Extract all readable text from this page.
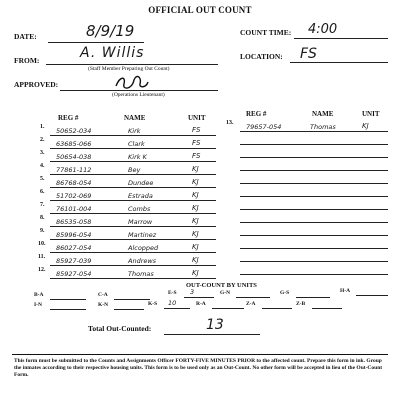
OFFICIAL OUT COUNT
DATE:	8/9/19	COUNT TIME: 4:00
FROM:	A. Willis
(Staff Member Preparing Out Count)
LOCATION: FS
APPROVED:
(Operations Lieutenant)
REG #	NAME	UNIT	REG #	NAME	UNIT
1. 50652-034	Kirk	FS
2. 63685-066	Clark	FS
3. 50654-038	Kirk K	FS
4. 77861-112	Bey	KJ
5. 86768-054	Dundee	KJ
6. 51702-069	Estrada	KJ
7. 76101-004	Combs	KJ
8. 86535-058	Marrow	KJ
9. 85996-054	Martinez	KJ
10. 86027-054	Alcopped	KJ
11. 85927-039	Andrews	KJ
12. 85927-054	Thomas	KJ
13. 79657-054	Thomas	KJ
OUT-COUNT BY UNITS
B-A	C-A	E-S 3	G-N	G-S	H-A
I-N	K-N	K-S 10	R-A	Z-A	Z-B
Total Out-Counted:	13
This form must be submitted to the Counts and Assignments Officer FORTY-FIVE MINUTES PRIOR to the affected count. Prepare this form in ink. Group the inmates according to their respective housing units. This form is to be used only as an Out-Count. No other form will be accepted in lieu of the Out-Count Form.
